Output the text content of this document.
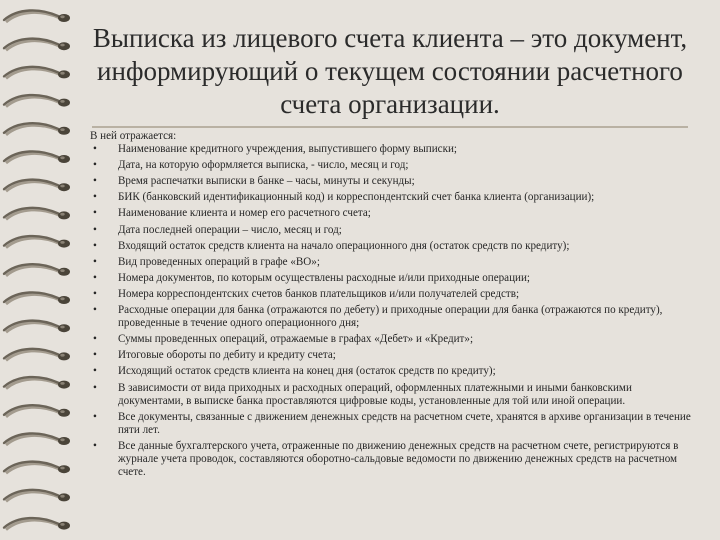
Выписка из лицевого счета клиента – это документ, информирующий о текущем состоянии расчетного счета организации.

В ней отражается:

• Наименование кредитного учреждения, выпустившего форму выписки;
• Дата, на которую оформляется выписка, - число, месяц и год;
• Время распечатки выписки в банке – часы, минуты и секунды;
• БИК (банковский идентификационный код) и корреспондентский счет банка клиента (организации);
• Наименование клиента и номер его расчетного счета;
• Дата последней операции – число, месяц и год;
• Входящий остаток средств клиента на начало операционного дня (остаток средств по кредиту);
• Вид проведенных операций в графе «ВО»;
• Номера документов, по которым осуществлены расходные и/или приходные операции;
• Номера корреспондентских счетов банков плательщиков и/или получателей средств;
• Расходные операции для банка (отражаются по дебету) и приходные операции для банка (отражаются по кредиту), проведенные в течение одного операционного дня;
• Суммы проведенных операций, отражаемые в графах «Дебет» и «Кредит»;
• Итоговые обороты по дебиту и кредиту счета;
• Исходящий остаток средств клиента на конец дня (остаток средств по кредиту);
• В зависимости от вида приходных и расходных операций, оформленных платежными и иными банковскими документами, в выписке банка проставляются цифровые коды, установленные для той или иной операции.
• Все документы, связанные с движением денежных средств на расчетном счете, хранятся в архиве организации в течение пяти лет.
• Все данные бухгалтерского учета, отраженные по движению денежных средств на расчетном счете, регистрируются в журнале учета проводок, составляются оборотно-сальдовые ведомости по движению денежных средств на расчетном счете.
